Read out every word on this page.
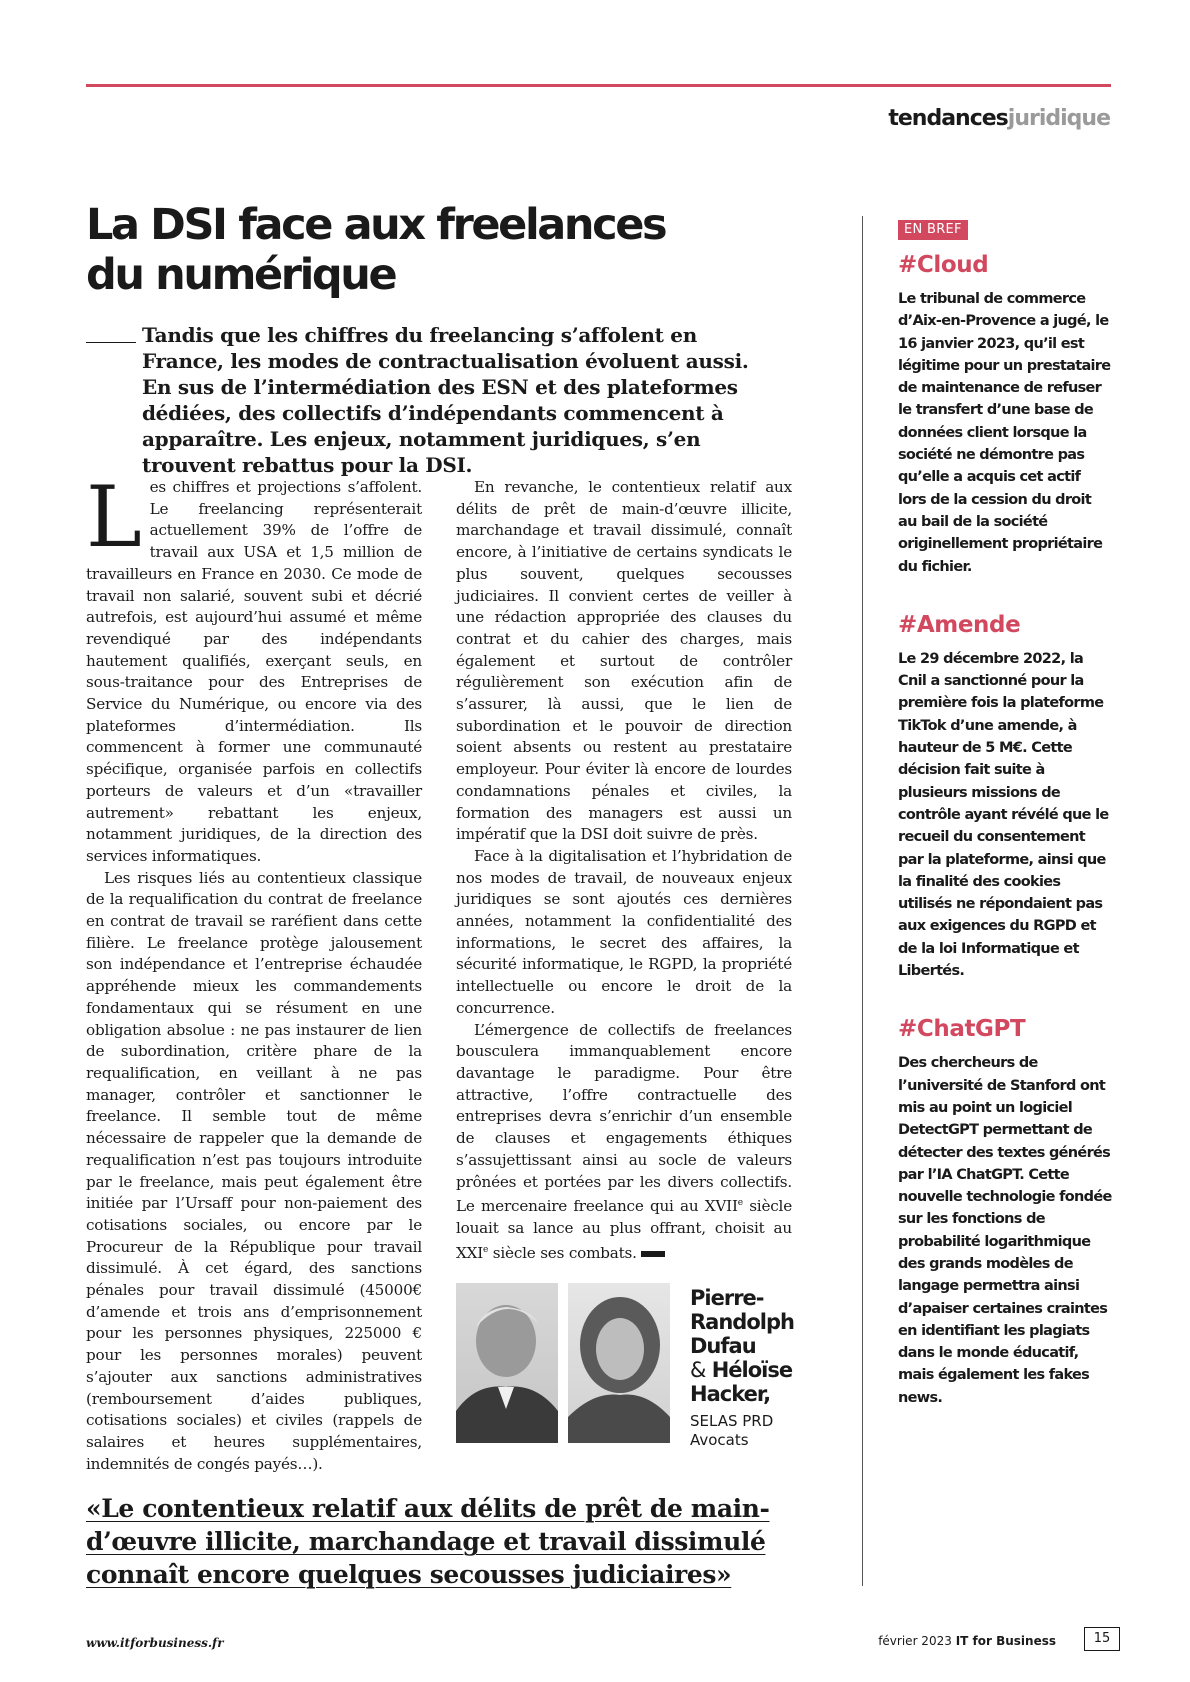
tendancesjuridique
La DSI face aux freelances du numérique

Tandis que les chiffres du freelancing s’affolent en France, les modes de contractualisation évoluent aussi. En sus de l’intermédiation des ESN et des plateformes dédiées, des collectifs d’indépendants commencent à apparaître. Les enjeux, notamment juridiques, s’en trouvent rebattus pour la DSI.

Les chiffres et projections s’affolent. Le freelancing représenterait actuellement 39% de l’offre de travail aux USA et 1,5 million de travailleurs en France en 2030. Ce mode de travail non salarié, souvent subi et décrié autrefois, est aujourd’hui assumé et même revendiqué par des indépendants hautement qualifiés, exerçant seuls, en sous-traitance pour des Entreprises de Service du Numérique, ou encore via des plateformes d’intermédiation. Ils commencent à former une communauté spécifique, organisée parfois en collectifs porteurs de valeurs et d’un «travailler autrement» rebattant les enjeux, notamment juridiques, de la direction des services informatiques.

Les risques liés au contentieux classique de la requalification du contrat de freelance en contrat de travail se raréfient dans cette filière. Le freelance protège jalousement son indépendance et l’entreprise échaudée appréhende mieux les commandements fondamentaux qui se résument en une obligation absolue : ne pas instaurer de lien de subordination, critère phare de la requalification, en veillant à ne pas manager, contrôler et sanctionner le freelance. Il semble tout de même nécessaire de rappeler que la demande de requalification n’est pas toujours introduite par le freelance, mais peut également être initiée par l’Ursaff pour non-paiement des cotisations sociales, ou encore par le Procureur de la République pour travail dissimulé. À cet égard, des sanctions pénales pour travail dissimulé (45000€ d’amende et trois ans d’emprisonnement pour les personnes physiques, 225000 € pour les personnes morales) peuvent s’ajouter aux sanctions administratives (remboursement d’aides publiques, cotisations sociales) et civiles (rappels de salaires et heures supplémentaires, indemnités de congés payés…).

En revanche, le contentieux relatif aux délits de prêt de main-d’œuvre illicite, marchandage et travail dissimulé, connaît encore, à l’initiative de certains syndicats le plus souvent, quelques secousses judiciaires. Il convient certes de veiller à une rédaction appropriée des clauses du contrat et du cahier des charges, mais également et surtout de contrôler régulièrement son exécution afin de s’assurer, là aussi, que le lien de subordination et le pouvoir de direction soient absents ou restent au prestataire employeur. Pour éviter là encore de lourdes condamnations pénales et civiles, la formation des managers est aussi un impératif que la DSI doit suivre de près.

Face à la digitalisation et l’hybridation de nos modes de travail, de nouveaux enjeux juridiques se sont ajoutés ces dernières années, notamment la confidentialité des informations, le secret des affaires, la sécurité informatique, le RGPD, la propriété intellectuelle ou encore le droit de la concurrence.

L’émergence de collectifs de freelances bousculera immanquablement encore davantage le paradigme. Pour être attractive, l’offre contractuelle des entreprises devra s’enrichir d’un ensemble de clauses et engagements éthiques s’assujettissant ainsi au socle de valeurs prônées et portées par les divers collectifs. Le mercenaire freelance qui au XVIIe siècle louait sa lance au plus offrant, choisit au XXIe siècle ses combats.

Pierre-Randolph Dufau
& Héloïse Hacker,
SELAS PRD Avocats

«Le contentieux relatif aux délits de prêt de main-d’œuvre illicite, marchandage et travail dissimulé connaît encore quelques secousses judiciaires»

EN BREF
#Cloud
Le tribunal de commerce d’Aix-en-Provence a jugé, le 16 janvier 2023, qu’il est légitime pour un prestataire de maintenance de refuser le transfert d’une base de données client lorsque la société ne démontre pas qu’elle a acquis cet actif lors de la cession du droit au bail de la société originellement propriétaire du fichier.
#Amende
Le 29 décembre 2022, la Cnil a sanctionné pour la première fois la plateforme TikTok d’une amende, à hauteur de 5 M€. Cette décision fait suite à plusieurs missions de contrôle ayant révélé que le recueil du consentement par la plateforme, ainsi que la finalité des cookies utilisés ne répondaient pas aux exigences du RGPD et de la loi Informatique et Libertés.
#ChatGPT
Des chercheurs de l’université de Stanford ont mis au point un logiciel DetectGPT permettant de détecter des textes générés par l’IA ChatGPT. Cette nouvelle technologie fondée sur les fonctions de probabilité logarithmique des grands modèles de langage permettra ainsi d’apaiser certaines craintes en identifiant les plagiats dans le monde éducatif, mais également les fakes news.
www.itforbusiness.fr	février 2023 IT for Business	15
